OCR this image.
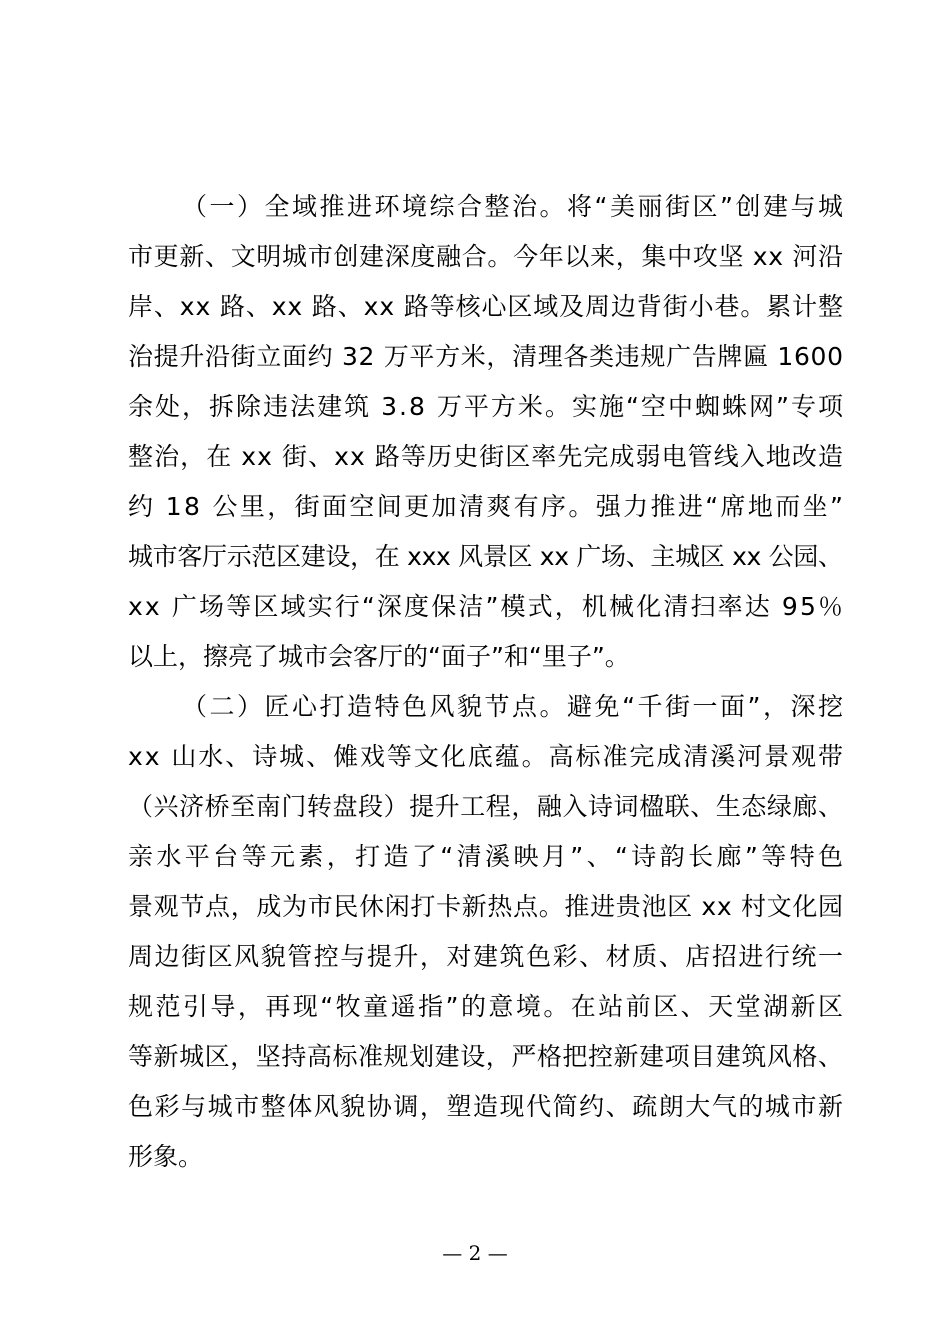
（一）全域推进环境综合整治。将“美丽街区”创建与城
市更新、文明城市创建深度融合。今年以来，集中攻坚 xx 河沿
岸、xx 路、xx 路、xx 路等核心区域及周边背街小巷。累计整
治提升沿街立面约 32 万平方米，清理各类违规广告牌匾 1600
余处，拆除违法建筑 3.8 万平方米。实施“空中蜘蛛网”专项
整治，在 xx 街、xx 路等历史街区率先完成弱电管线入地改造
约 18 公里，街面空间更加清爽有序。强力推进“席地而坐”
城市客厅示范区建设，在 xxx 风景区 xx 广场、主城区 xx 公园、
xx 广场等区域实行“深度保洁”模式，机械化清扫率达 95％
以上，擦亮了城市会客厅的“面子”和“里子”。
（二）匠心打造特色风貌节点。避免“千街一面”，深挖
xx 山水、诗城、傩戏等文化底蕴。高标准完成清溪河景观带
（兴济桥至南门转盘段）提升工程，融入诗词楹联、生态绿廊、
亲水平台等元素，打造了“清溪映月”、“诗韵长廊”等特色
景观节点，成为市民休闲打卡新热点。推进贵池区 xx 村文化园
周边街区风貌管控与提升，对建筑色彩、材质、店招进行统一
规范引导，再现“牧童遥指”的意境。在站前区、天堂湖新区
等新城区，坚持高标准规划建设，严格把控新建项目建筑风格、
色彩与城市整体风貌协调，塑造现代简约、疏朗大气的城市新
形象。
— 2 —
